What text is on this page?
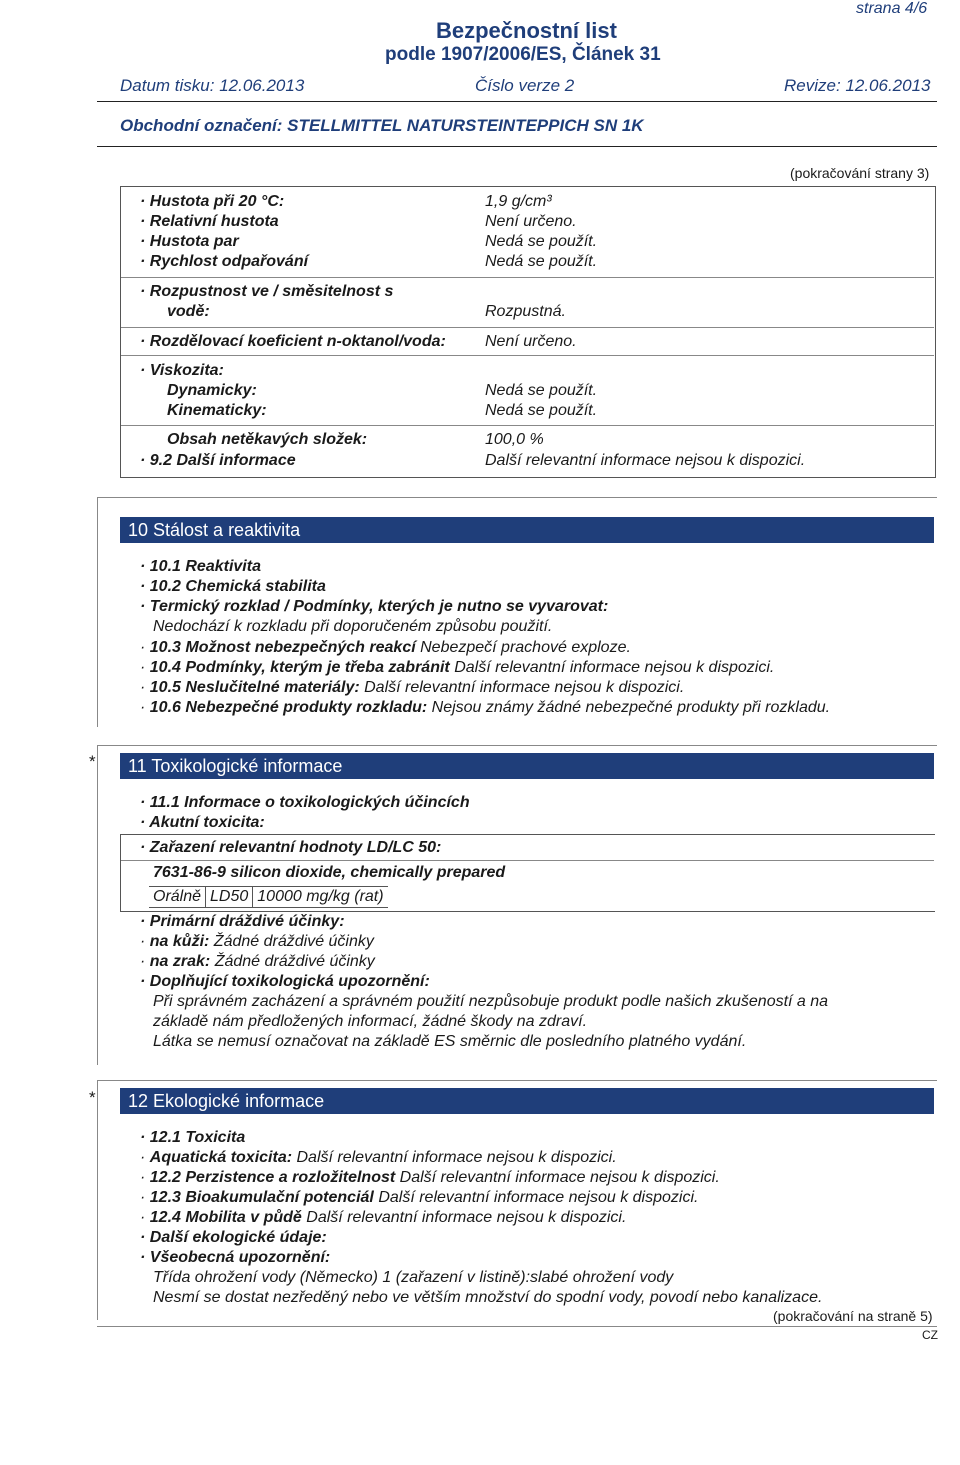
Bezpečnostní list
podle 1907/2006/ES, Článek 31
strana 4/6
Datum tisku: 12.06.2013	Číslo verze 2	Revize: 12.06.2013
Obchodní označení: STELLMITTEL NATURSTEINTEPPICH SN 1K
(pokračování strany 3)
· Hustota při 20 °C:	1,9 g/cm³
· Relativní hustota	Není určeno.
· Hustota par	Nedá se použít.
· Rychlost odpařování	Nedá se použít.
· Rozpustnost ve / směsitelnost s
vodě:	Rozpustná.
· Rozdělovací koeficient n-oktanol/voda: Není určeno.
· Viskozita:
Dynamicky:	Nedá se použít.
Kinematicky:	Nedá se použít.
Obsah netěkavých složek:	100,0 %
· 9.2 Další informace	Další relevantní informace nejsou k dispozici.
10 Stálost a reaktivita
· 10.1 Reaktivita
· 10.2 Chemická stabilita
· Termický rozklad / Podmínky, kterých je nutno se vyvarovat:
Nedochází k rozkladu při doporučeném způsobu použití.
· 10.3 Možnost nebezpečných reakcí Nebezpečí prachové exploze.
· 10.4 Podmínky, kterým je třeba zabránit Další relevantní informace nejsou k dispozici.
· 10.5 Neslučitelné materiály: Další relevantní informace nejsou k dispozici.
· 10.6 Nebezpečné produkty rozkladu: Nejsou známy žádné nebezpečné produkty při rozkladu.
*	11 Toxikologické informace
· 11.1 Informace o toxikologických účincích
· Akutní toxicita:
· Zařazení relevantní hodnoty LD/LC 50:
7631-86-9 silicon dioxide, chemically prepared
Orálně	LD50	10000 mg/kg (rat)
· Primární dráždivé účinky:
· na kůži: Žádné dráždivé účinky
· na zrak: Žádné dráždivé účinky
· Doplňující toxikologická upozornění:
Při správném zacházení a správném použití nezpůsobuje produkt podle našich zkušeností a na
základě nám předložených informací, žádné škody na zdraví.
Látka se nemusí označovat na základě ES směrnic dle posledního platného vydání.
*	12 Ekologické informace
· 12.1 Toxicita
· Aquatická toxicita: Další relevantní informace nejsou k dispozici.
· 12.2 Perzistence a rozložitelnost Další relevantní informace nejsou k dispozici.
· 12.3 Bioakumulační potenciál Další relevantní informace nejsou k dispozici.
· 12.4 Mobilita v půdě Další relevantní informace nejsou k dispozici.
· Další ekologické údaje:
· Všeobecná upozornění:
Třída ohrožení vody (Německo) 1 (zařazení v listině):slabé ohrožení vody
Nesmí se dostat nezředěný nebo ve větším množství do spodní vody, povodí nebo kanalizace.
(pokračování na straně 5)
CZ
